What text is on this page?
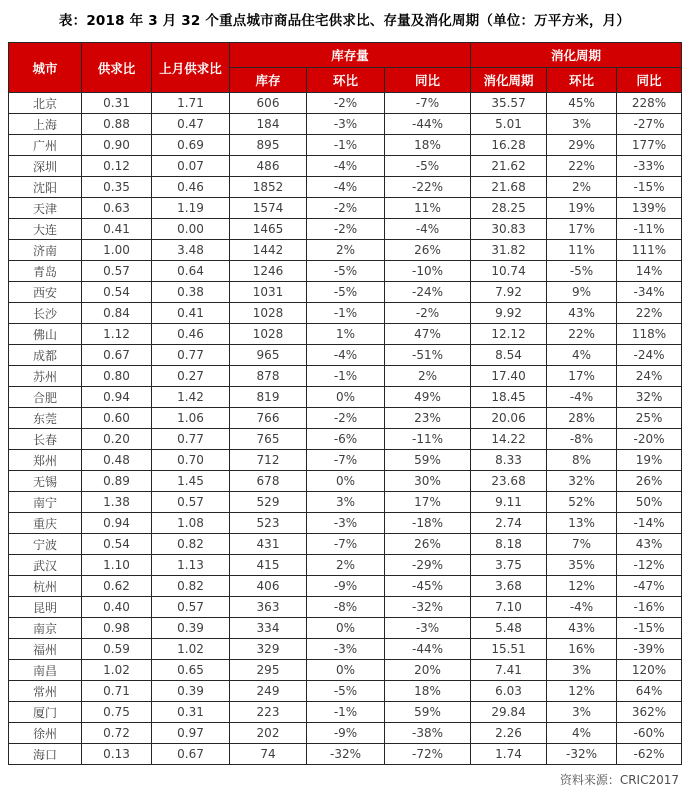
表：2018 年 3 月 32 个重点城市商品住宅供求比、存量及消化周期（单位：万平方米，月）
城市	供求比	上月供求比	库存量			消化周期		
			库存	环比	同比	消化周期	环比	同比
北京	0.31	1.71	606	-2%	-7%	35.57	45%	228%
上海	0.88	0.47	184	-3%	-44%	5.01	3%	-27%
广州	0.90	0.69	895	-1%	18%	16.28	29%	177%
深圳	0.12	0.07	486	-4%	-5%	21.62	22%	-33%
沈阳	0.35	0.46	1852	-4%	-22%	21.68	2%	-15%
天津	0.63	1.19	1574	-2%	11%	28.25	19%	139%
大连	0.41	0.00	1465	-2%	-4%	30.83	17%	-11%
济南	1.00	3.48	1442	2%	26%	31.82	11%	111%
青岛	0.57	0.64	1246	-5%	-10%	10.74	-5%	14%
西安	0.54	0.38	1031	-5%	-24%	7.92	9%	-34%
长沙	0.84	0.41	1028	-1%	-2%	9.92	43%	22%
佛山	1.12	0.46	1028	1%	47%	12.12	22%	118%
成都	0.67	0.77	965	-4%	-51%	8.54	4%	-24%
苏州	0.80	0.27	878	-1%	2%	17.40	17%	24%
合肥	0.94	1.42	819	0%	49%	18.45	-4%	32%
东莞	0.60	1.06	766	-2%	23%	20.06	28%	25%
长春	0.20	0.77	765	-6%	-11%	14.22	-8%	-20%
郑州	0.48	0.70	712	-7%	59%	8.33	8%	19%
无锡	0.89	1.45	678	0%	30%	23.68	32%	26%
南宁	1.38	0.57	529	3%	17%	9.11	52%	50%
重庆	0.94	1.08	523	-3%	-18%	2.74	13%	-14%
宁波	0.54	0.82	431	-7%	26%	8.18	7%	43%
武汉	1.10	1.13	415	2%	-29%	3.75	35%	-12%
杭州	0.62	0.82	406	-9%	-45%	3.68	12%	-47%
昆明	0.40	0.57	363	-8%	-32%	7.10	-4%	-16%
南京	0.98	0.39	334	0%	-3%	5.48	43%	-15%
福州	0.59	1.02	329	-3%	-44%	15.51	16%	-39%
南昌	1.02	0.65	295	0%	20%	7.41	3%	120%
常州	0.71	0.39	249	-5%	18%	6.03	12%	64%
厦门	0.75	0.31	223	-1%	59%	29.84	3%	362%
徐州	0.72	0.97	202	-9%	-38%	2.26	4%	-60%
海口	0.13	0.67	74	-32%	-72%	1.74	-32%	-62%
资料来源：CRIC2017
